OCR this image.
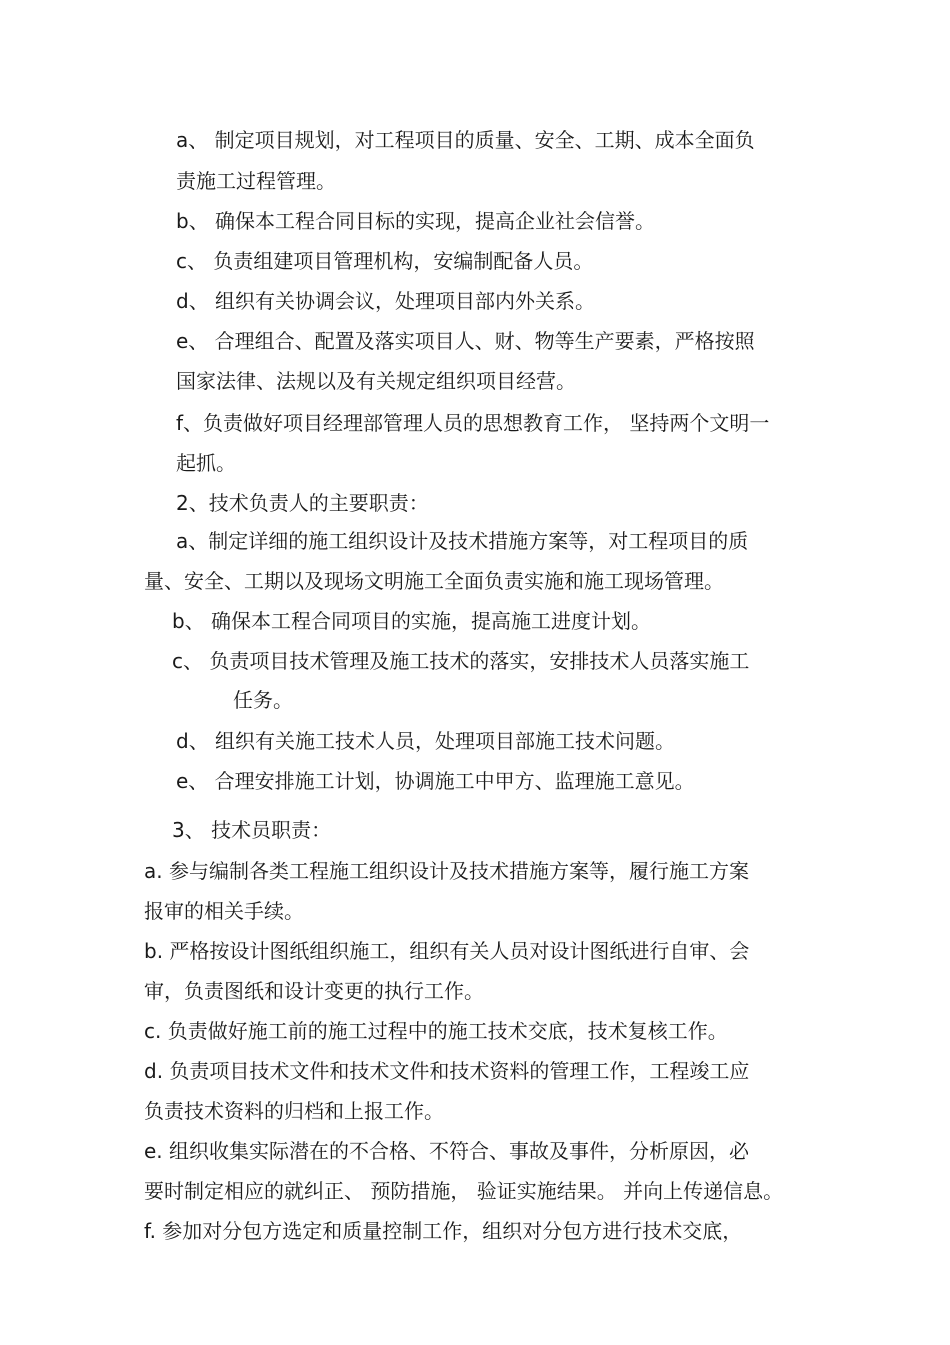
a、 制定项目规划，对工程项目的质量、安全、工期、成本全面负
责施工过程管理。
b、 确保本工程合同目标的实现，提高企业社会信誉。
c、 负责组建项目管理机构，安编制配备人员。
d、 组织有关协调会议，处理项目部内外关系。
e、 合理组合、配置及落实项目人、财、物等生产要素，严格按照
国家法律、法规以及有关规定组织项目经营。
f、负责做好项目经理部管理人员的思想教育工作， 坚持两个文明一
起抓。
2、技术负责人的主要职责：
a、制定详细的施工组织设计及技术措施方案等，对工程项目的质
量、安全、工期以及现场文明施工全面负责实施和施工现场管理。
b、 确保本工程合同项目的实施，提高施工进度计划。
c、 负责项目技术管理及施工技术的落实，安排技术人员落实施工
任务。
d、 组织有关施工技术人员，处理项目部施工技术问题。
e、 合理安排施工计划，协调施工中甲方、监理施工意见。
3、 技术员职责：
a. 参与编制各类工程施工组织设计及技术措施方案等，履行施工方案
报审的相关手续。
b. 严格按设计图纸组织施工，组织有关人员对设计图纸进行自审、会
审，负责图纸和设计变更的执行工作。
c. 负责做好施工前的施工过程中的施工技术交底，技术复核工作。
d. 负责项目技术文件和技术文件和技术资料的管理工作，工程竣工应
负责技术资料的归档和上报工作。
e. 组织收集实际潜在的不合格、不符合、事故及事件，分析原因，必
要时制定相应的就纠正、 预防措施， 验证实施结果。 并向上传递信息。
f. 参加对分包方选定和质量控制工作，组织对分包方进行技术交底，
